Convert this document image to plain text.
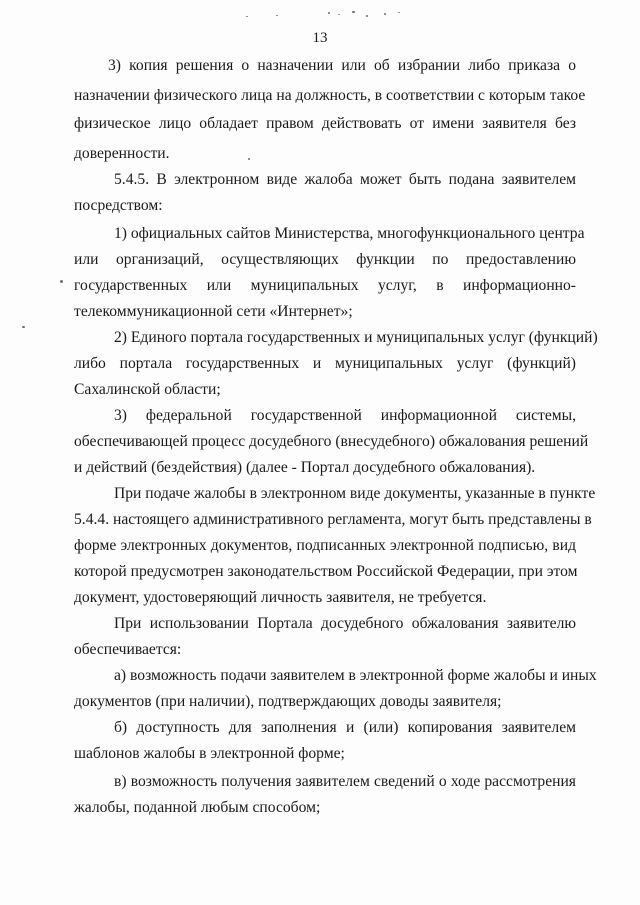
13
3) копия решения о назначении или об избрании либо приказа о
назначении физического лица на должность, в соответствии с которым такое
физическое лицо обладает правом действовать от имени заявителя без
доверенности.
5.4.5. В электронном виде жалоба может быть подана заявителем
посредством:
1) официальных сайтов Министерства, многофункционального центра
или организаций, осуществляющих функции по предоставлению
государственных или муниципальных услуг, в информационно-
телекоммуникационной сети «Интернет»;
2) Единого портала государственных и муниципальных услуг (функций)
либо портала государственных и муниципальных услуг (функций)
Сахалинской области;
3) федеральной государственной информационной системы,
обеспечивающей процесс досудебного (внесудебного) обжалования решений
и действий (бездействия) (далее - Портал досудебного обжалования).
При подаче жалобы в электронном виде документы, указанные в пункте
5.4.4. настоящего административного регламента, могут быть представлены в
форме электронных документов, подписанных электронной подписью, вид
которой предусмотрен законодательством Российской Федерации, при этом
документ, удостоверяющий личность заявителя, не требуется.
При использовании Портала досудебного обжалования заявителю
обеспечивается:
а) возможность подачи заявителем в электронной форме жалобы и иных
документов (при наличии), подтверждающих доводы заявителя;
б) доступность для заполнения и (или) копирования заявителем
шаблонов жалобы в электронной форме;
в) возможность получения заявителем сведений о ходе рассмотрения
жалобы, поданной любым способом;
